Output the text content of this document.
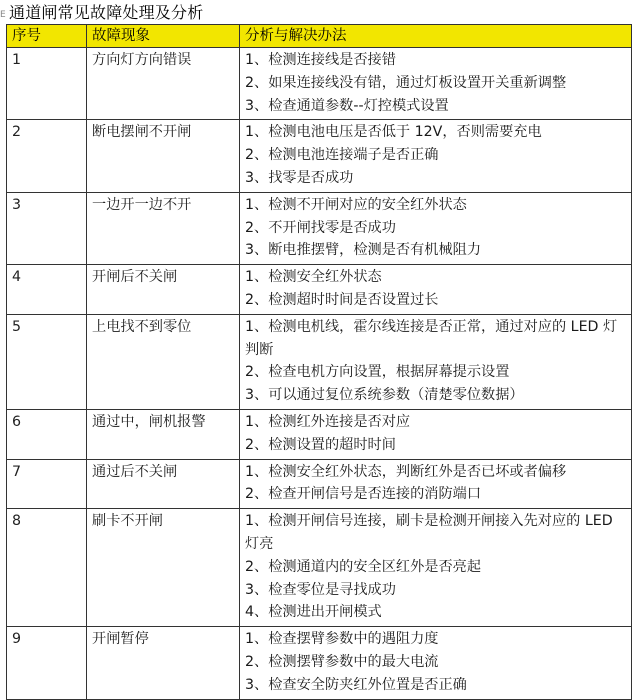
E 通道闸常见故障处理及分析
序号	故障现象	分析与解决办法
1	方向灯方向错误	1、检测连接线是否接错
2、如果连接线没有错，通过灯板设置开关重新调整
3、检查通道参数--灯控模式设置

2	断电摆闸不开闸	1、检测电池电压是否低于 12V，否则需要充电
2、检测电池连接端子是否正确
3、找零是否成功

3	一边开一边不开	1、检测不开闸对应的安全红外状态
2、不开闸找零是否成功
3、断电推摆臂，检测是否有机械阻力

4	开闸后不关闸	1、检测安全红外状态
2、检测超时时间是否设置过长

5	上电找不到零位	1、检测电机线，霍尔线连接是否正常，通过对应的 LED 灯判断
2、检查电机方向设置，根据屏幕提示设置
3、可以通过复位系统参数（清楚零位数据）

6	通过中，闸机报警	1、检测红外连接是否对应
2、检测设置的超时时间

7	通过后不关闸	1、检测安全红外状态，判断红外是否已坏或者偏移
2、检查开闸信号是否连接的消防端口

8	刷卡不开闸	1、检测开闸信号连接，刷卡是检测开闸接入先对应的 LED 灯亮
2、检测通道内的安全区红外是否亮起
3、检查零位是寻找成功
4、检测进出开闸模式

9	开闸暂停	1、检查摆臂参数中的遇阻力度
2、检测摆臂参数中的最大电流
3、检查安全防夹红外位置是否正确
